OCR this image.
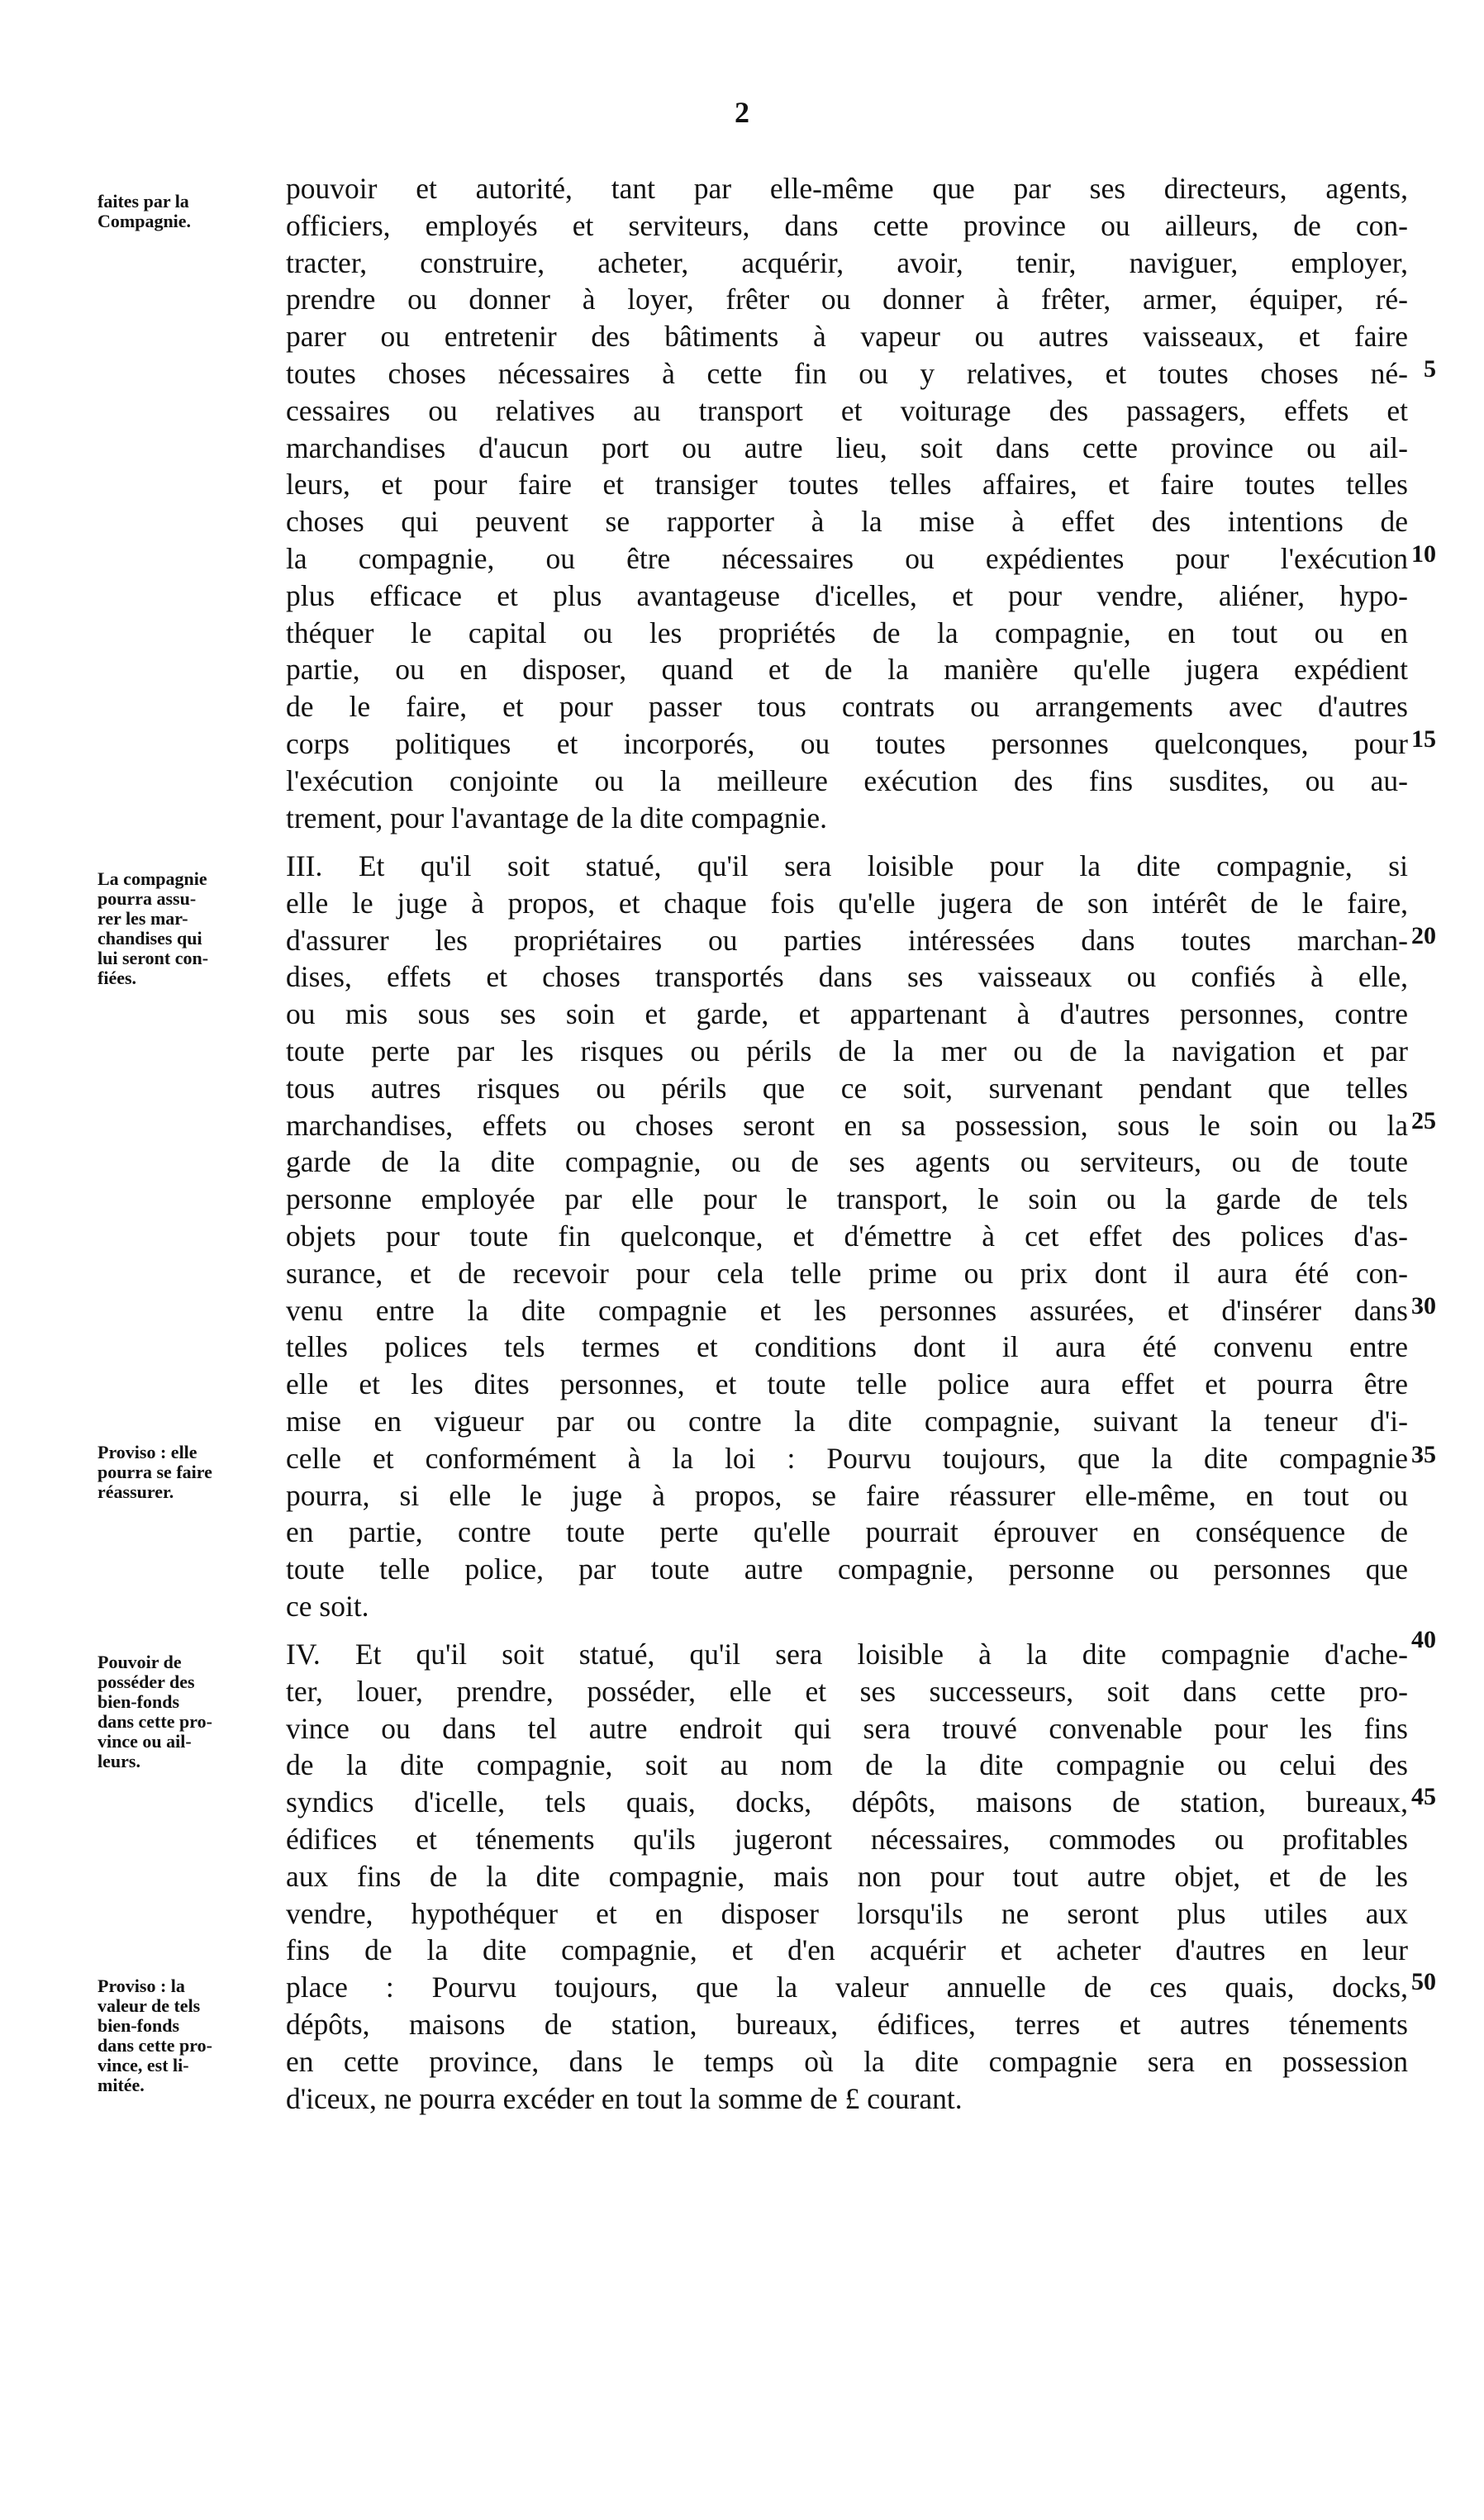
2
faites par la
Compagnie.
La compagnie
pourra assu-
rer les mar-
chandises qui
lui seront con-
fiées.
Proviso : elle
pourra se faire
réassurer.
Pouvoir de
posséder des
bien-fonds
dans cette pro-
vince ou ail-
leurs.
Proviso : la
valeur de tels
bien-fonds
dans cette pro-
vince, est li-
mitée.
pouvoir et autorité, tant par elle-même que par ses directeurs, agents,
officiers, employés et serviteurs, dans cette province ou ailleurs, de con-
tracter, construire, acheter, acquérir, avoir, tenir, naviguer, employer,
prendre ou donner à loyer, frêter ou donner à frêter, armer, équiper, ré-
parer ou entretenir des bâtiments à vapeur ou autres vaisseaux, et faire
toutes choses nécessaires à cette fin ou y relatives, et toutes choses né-
cessaires ou relatives au transport et voiturage des passagers, effets et
marchandises d'aucun port ou autre lieu, soit dans cette province ou ail-
leurs, et pour faire et transiger toutes telles affaires, et faire toutes telles
choses qui peuvent se rapporter à la mise à effet des intentions de
la compagnie, ou être nécessaires ou expédientes pour l'exécution
plus efficace et plus avantageuse d'icelles, et pour vendre, aliéner, hypo-
théquer le capital ou les propriétés de la compagnie, en tout ou en
partie, ou en disposer, quand et de la manière qu'elle jugera expédient
de le faire, et pour passer tous contrats ou arrangements avec d'autres
corps politiques et incorporés, ou toutes personnes quelconques, pour
l'exécution conjointe ou la meilleure exécution des fins susdites, ou au-
trement, pour l'avantage de la dite compagnie.
III. Et qu'il soit statué, qu'il sera loisible pour la dite compagnie, si
elle le juge à propos, et chaque fois qu'elle jugera de son intérêt de le faire,
d'assurer les propriétaires ou parties intéressées dans toutes marchan-
dises, effets et choses transportés dans ses vaisseaux ou confiés à elle,
ou mis sous ses soin et garde, et appartenant à d'autres personnes, contre
toute perte par les risques ou périls de la mer ou de la navigation et par
tous autres risques ou périls que ce soit, survenant pendant que telles
marchandises, effets ou choses seront en sa possession, sous le soin ou la
garde de la dite compagnie, ou de ses agents ou serviteurs, ou de toute
personne employée par elle pour le transport, le soin ou la garde de tels
objets pour toute fin quelconque, et d'émettre à cet effet des polices d'as-
surance, et de recevoir pour cela telle prime ou prix dont il aura été con-
venu entre la dite compagnie et les personnes assurées, et d'insérer dans
telles polices tels termes et conditions dont il aura été convenu entre
elle et les dites personnes, et toute telle police aura effet et pourra être
mise en vigueur par ou contre la dite compagnie, suivant la teneur d'i-
celle et conformément à la loi : Pourvu toujours, que la dite compagnie
pourra, si elle le juge à propos, se faire réassurer elle-même, en tout ou
en partie, contre toute perte qu'elle pourrait éprouver en conséquence de
toute telle police, par toute autre compagnie, personne ou personnes que
ce soit.
IV. Et qu'il soit statué, qu'il sera loisible à la dite compagnie d'ache-
ter, louer, prendre, posséder, elle et ses successeurs, soit dans cette pro-
vince ou dans tel autre endroit qui sera trouvé convenable pour les fins
de la dite compagnie, soit au nom de la dite compagnie ou celui des
syndics d'icelle, tels quais, docks, dépôts, maisons de station, bureaux,
édifices et ténements qu'ils jugeront nécessaires, commodes ou profitables
aux fins de la dite compagnie, mais non pour tout autre objet, et de les
vendre, hypothéquer et en disposer lorsqu'ils ne seront plus utiles aux
fins de la dite compagnie, et d'en acquérir et acheter d'autres en leur
place : Pourvu toujours, que la valeur annuelle de ces quais, docks,
dépôts, maisons de station, bureaux, édifices, terres et autres ténements
en cette province, dans le temps où la dite compagnie sera en possession
d'iceux, ne pourra excéder en tout la somme de £ courant.
5
10
15
20
25
30
35
40
45
50
